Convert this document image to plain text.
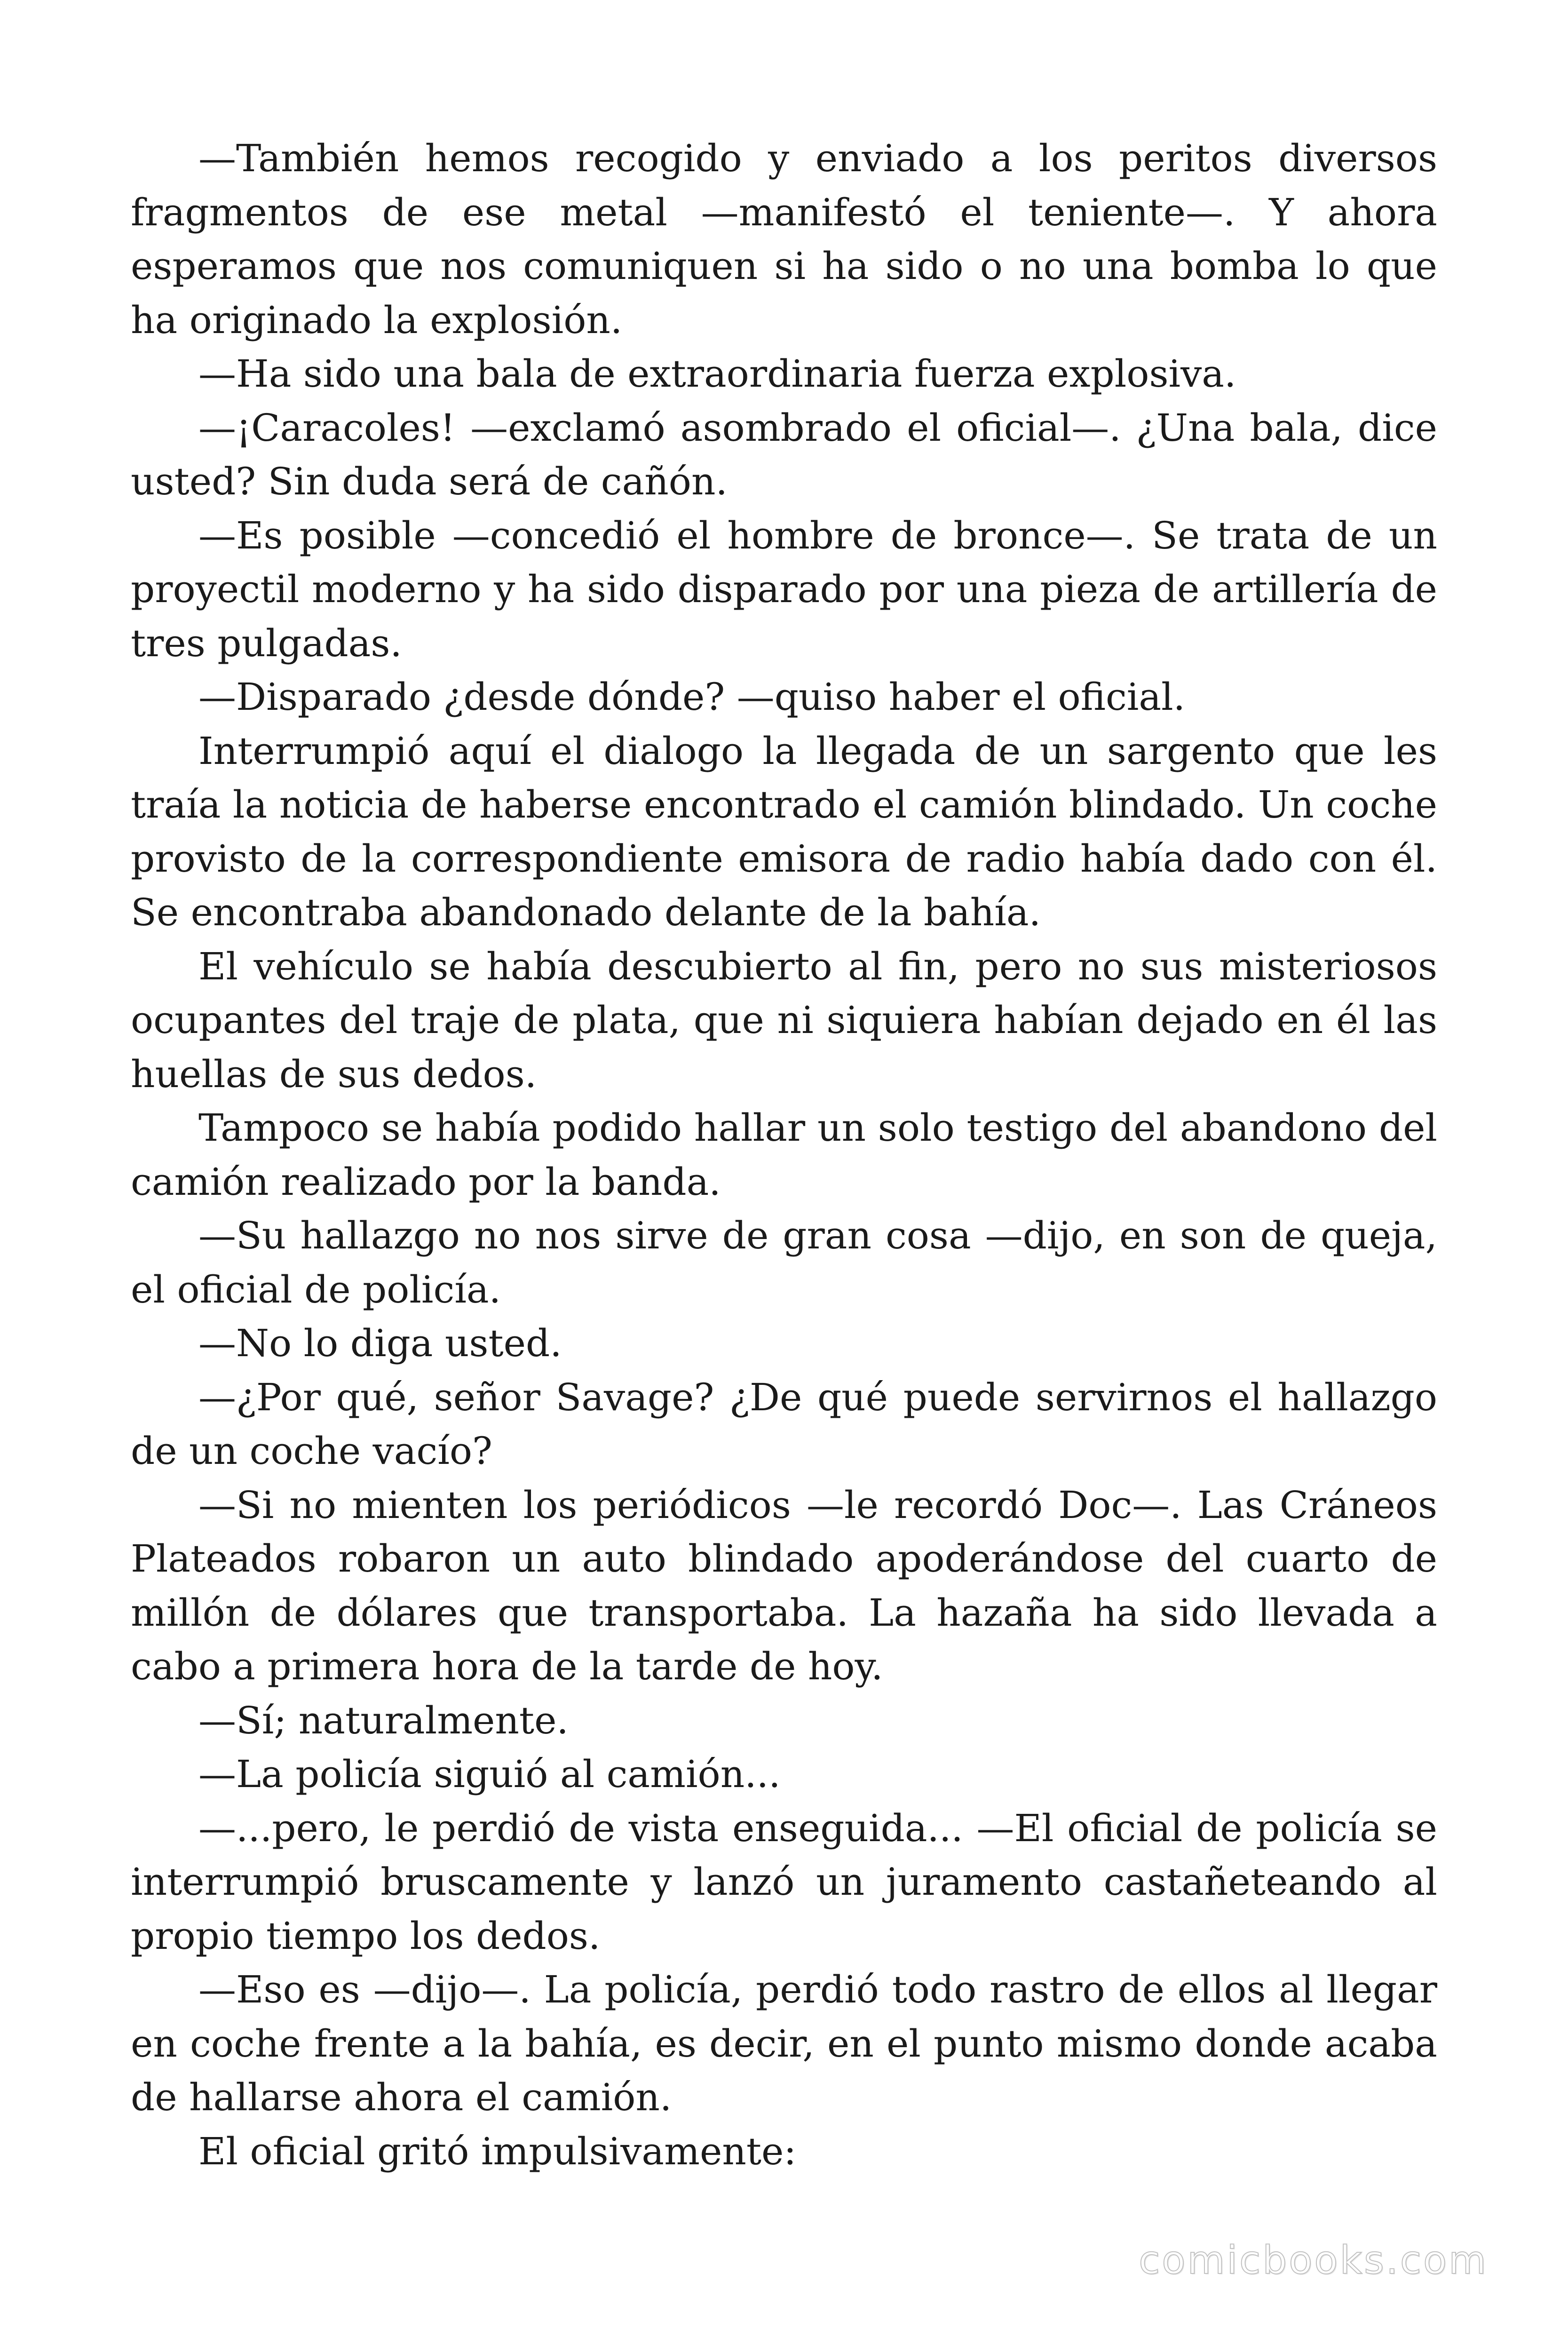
—También hemos recogido y enviado a los peritos diversos fragmentos de ese metal —manifestó el teniente—. Y ahora esperamos que nos comuniquen si ha sido o no una bomba lo que ha originado la explosión.

—Ha sido una bala de extraordinaria fuerza explosiva.

—¡Caracoles! —exclamó asombrado el oficial—. ¿Una bala, dice usted? Sin duda será de cañón.

—Es posible —concedió el hombre de bronce—. Se trata de un proyectil moderno y ha sido disparado por una pieza de artillería de tres pulgadas.

—Disparado ¿desde dónde? —quiso haber el oficial.

Interrumpió aquí el dialogo la llegada de un sargento que les traía la noticia de haberse encontrado el camión blindado. Un coche provisto de la correspondiente emisora de radio había dado con él. Se encontraba abandonado delante de la bahía.

El vehículo se había descubierto al fin, pero no sus misteriosos ocupantes del traje de plata, que ni siquiera habían dejado en él las huellas de sus dedos.

Tampoco se había podido hallar un solo testigo del abandono del camión realizado por la banda.

—Su hallazgo no nos sirve de gran cosa —dijo, en son de queja, el oficial de policía.

—No lo diga usted.

—¿Por qué, señor Savage? ¿De qué puede servirnos el hallazgo de un coche vacío?

—Si no mienten los periódicos —le recordó Doc—. Las Cráneos Plateados robaron un auto blindado apoderándose del cuarto de millón de dólares que transportaba. La hazaña ha sido llevada a cabo a primera hora de la tarde de hoy.

—Sí; naturalmente.

—La policía siguió al camión...

—...pero, le perdió de vista enseguida... —El oficial de policía se interrumpió bruscamente y lanzó un juramento castañeteando al propio tiempo los dedos.

—Eso es —dijo—. La policía, perdió todo rastro de ellos al llegar en coche frente a la bahía, es decir, en el punto mismo donde acaba de hallarse ahora el camión.

El oficial gritó impulsivamente:

comicbooks.com
